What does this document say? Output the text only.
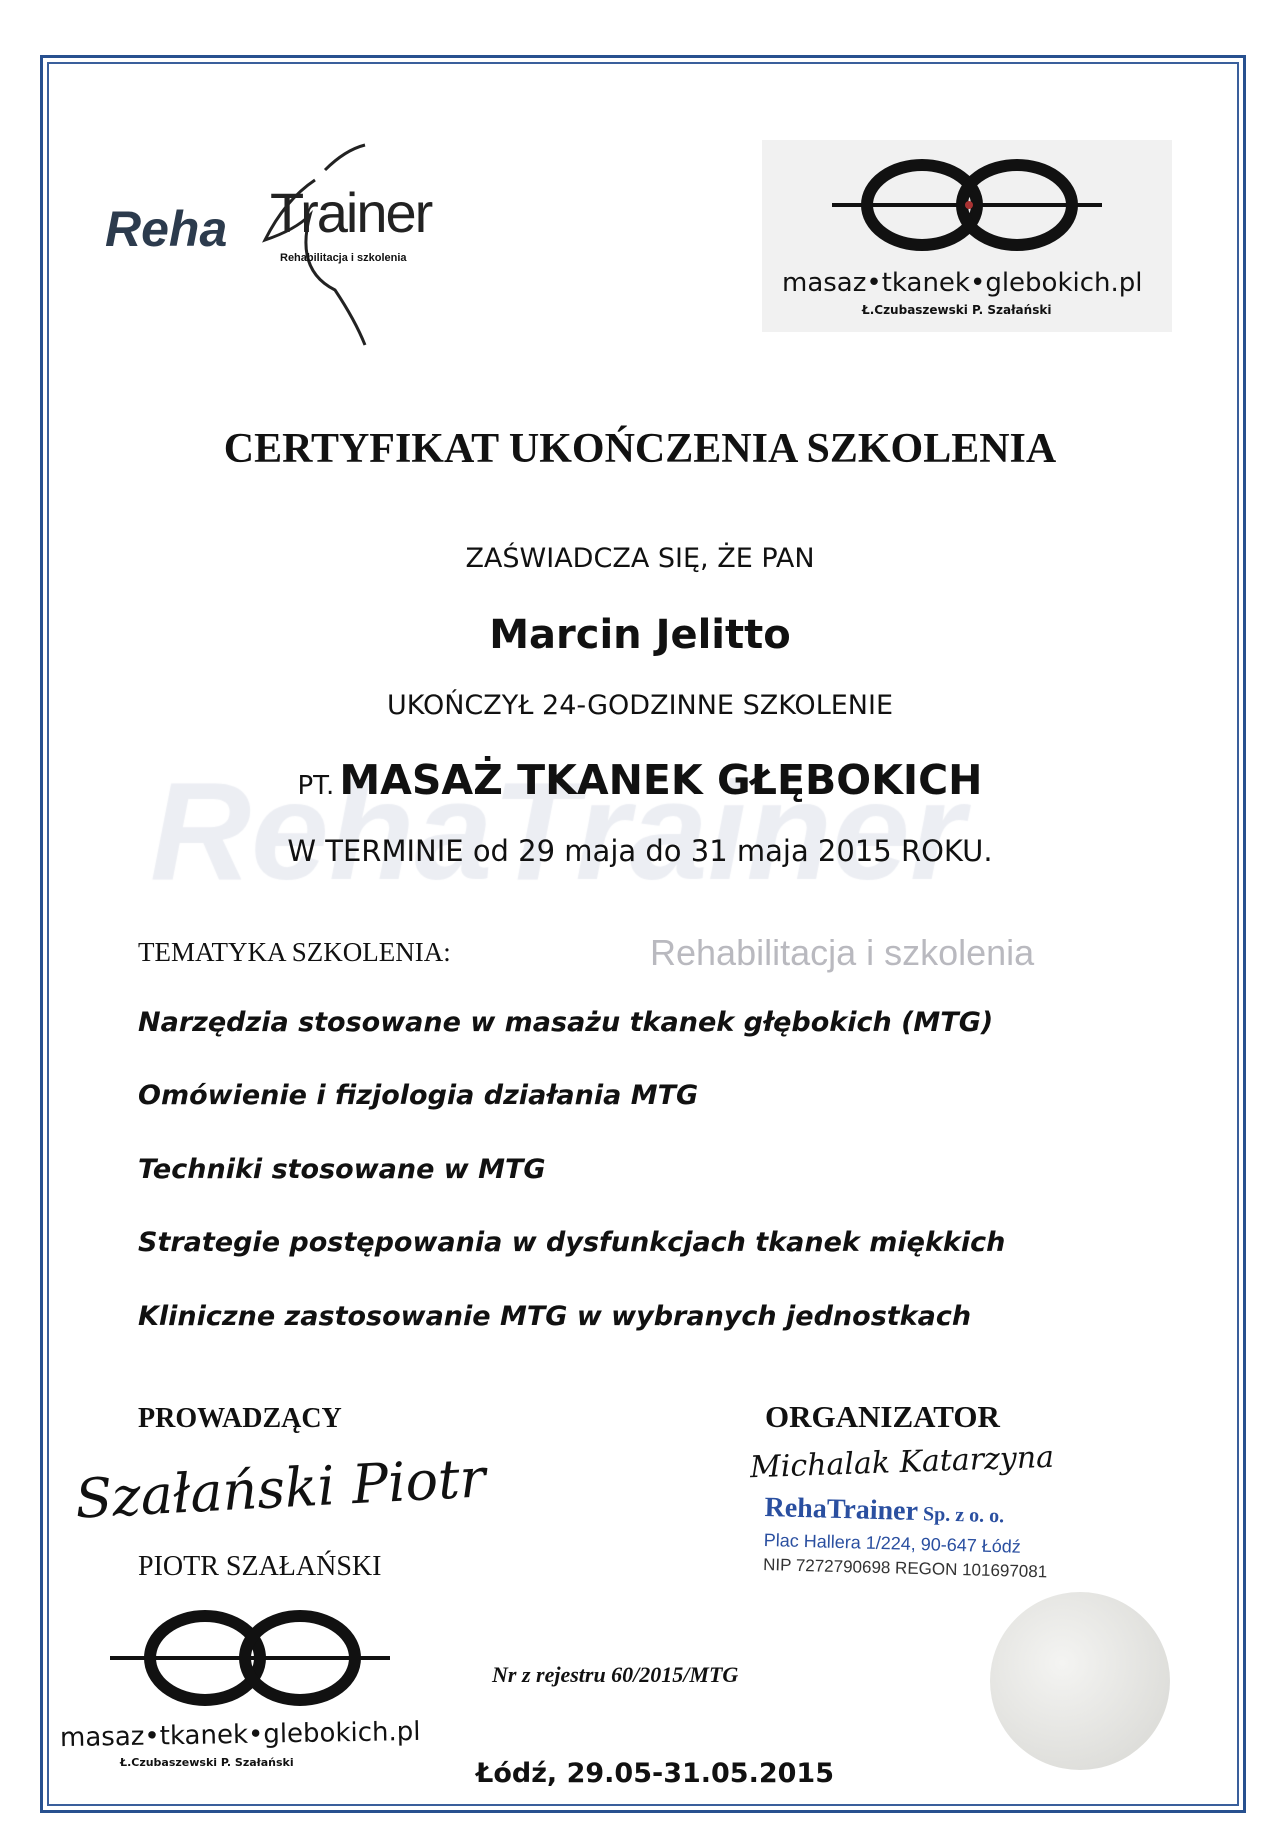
Rehabilitacja i szkolenia
Reha Trainer
Rehabilitacja i szkolenia
masaz•tkanek•glebokich.pl
Ł.Czubaszewski P. Szałański
CERTYFIKAT UKOŃCZENIA SZKOLENIA
ZAŚWIADCZA SIĘ, ŻE PAN
Marcin Jelitto
UKOŃCZYŁ 24-GODZINNE SZKOLENIE
PT. MASAŻ TKANEK GŁĘBOKICH
W TERMINIE od 29 maja do 31 maja 2015 ROKU.
TEMATYKA SZKOLENIA:
Narzędzia stosowane w masażu tkanek głębokich (MTG)
Omówienie i fizjologia działania MTG
Techniki stosowane w MTG
Strategie postępowania w dysfunkcjach tkanek miękkich
Kliniczne zastosowanie MTG w wybranych jednostkach
PROWADZĄCY
Szałański Piotr
PIOTR SZAŁAŃSKI
ORGANIZATOR
Michalak Katarzyna
RehaTrainer Sp. z o. o.
Plac Hallera 1/224, 90-647 Łódź
NIP 7272790698 REGON 101697081
masaz•tkanek•glebokich.pl
Ł.Czubaszewski P. Szałański
Nr z rejestru 60/2015/MTG
Łódź, 29.05-31.05.2015
